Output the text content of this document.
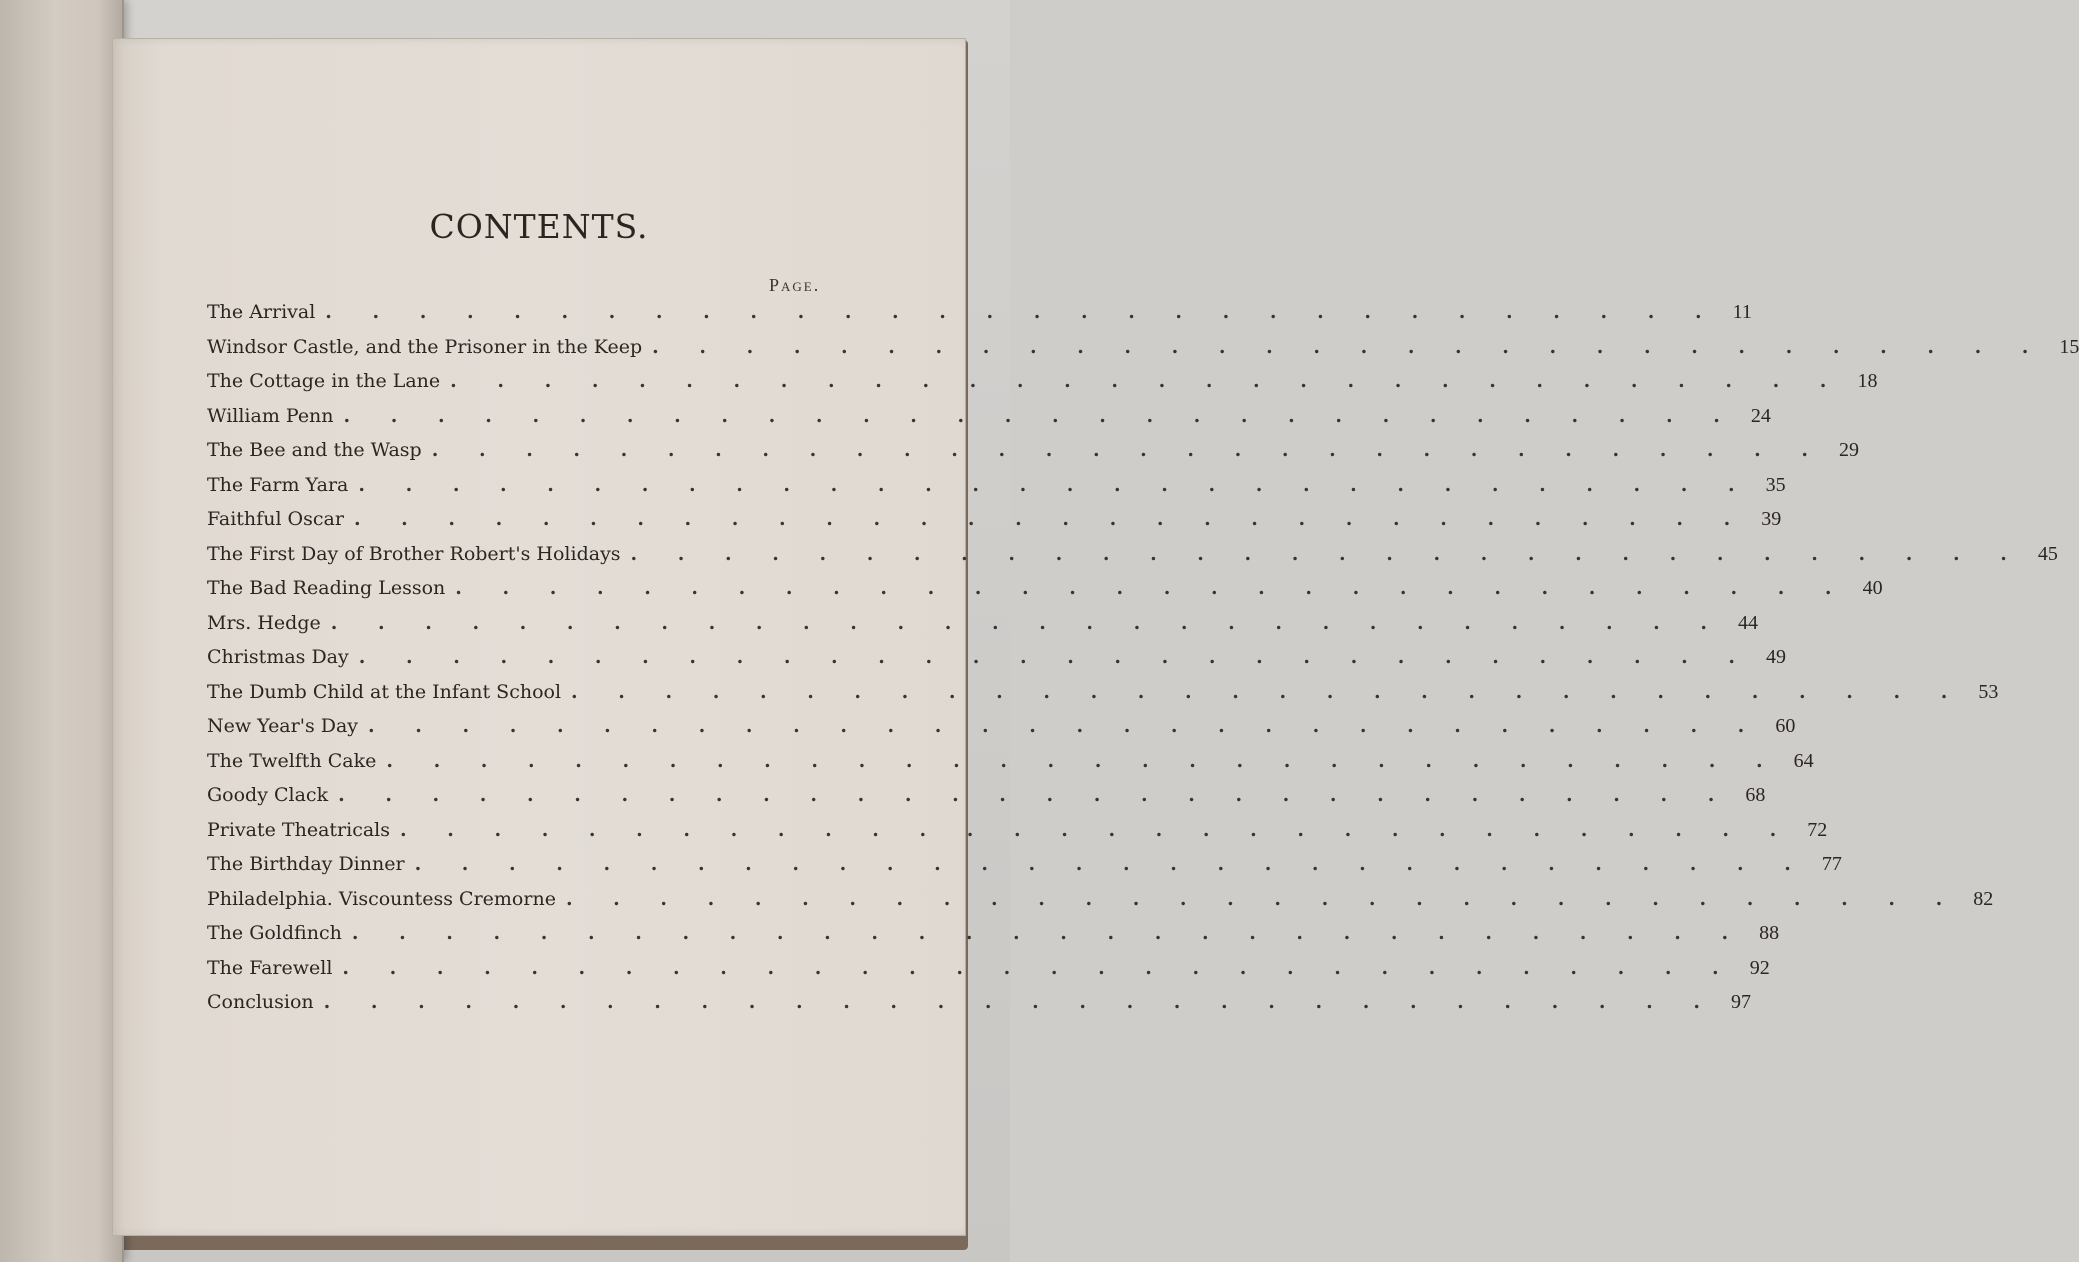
CONTENTS.
Page.
The Arrival . . . . . . . . . . . . . . . . . . . . . . . . . . . . . . 11
Windsor Castle, and the Prisoner in the Keep . . . . . . . . . . . . . . . . . . . . . . . . . . . . . . 15
The Cottage in the Lane . . . . . . . . . . . . . . . . . . . . . . . . . . . . . . 18
William Penn . . . . . . . . . . . . . . . . . . . . . . . . . . . . . . 24
The Bee and the Wasp . . . . . . . . . . . . . . . . . . . . . . . . . . . . . . 29
The Farm Yara . . . . . . . . . . . . . . . . . . . . . . . . . . . . . . 35
Faithful Oscar . . . . . . . . . . . . . . . . . . . . . . . . . . . . . . 39
The First Day of Brother Robert's Holidays . . . . . . . . . . . . . . . . . . . . . . . . . . . . . . 45
The Bad Reading Lesson . . . . . . . . . . . . . . . . . . . . . . . . . . . . . . 40
Mrs. Hedge . . . . . . . . . . . . . . . . . . . . . . . . . . . . . . 44
Christmas Day . . . . . . . . . . . . . . . . . . . . . . . . . . . . . . 49
The Dumb Child at the Infant School . . . . . . . . . . . . . . . . . . . . . . . . . . . . . . 53
New Year's Day . . . . . . . . . . . . . . . . . . . . . . . . . . . . . . 60
The Twelfth Cake . . . . . . . . . . . . . . . . . . . . . . . . . . . . . . 64
Goody Clack . . . . . . . . . . . . . . . . . . . . . . . . . . . . . . 68
Private Theatricals . . . . . . . . . . . . . . . . . . . . . . . . . . . . . . 72
The Birthday Dinner . . . . . . . . . . . . . . . . . . . . . . . . . . . . . . 77
Philadelphia. Viscountess Cremorne . . . . . . . . . . . . . . . . . . . . . . . . . . . . . . 82
The Goldfinch . . . . . . . . . . . . . . . . . . . . . . . . . . . . . . 88
The Farewell . . . . . . . . . . . . . . . . . . . . . . . . . . . . . . 92
Conclusion . . . . . . . . . . . . . . . . . . . . . . . . . . . . . . 97
